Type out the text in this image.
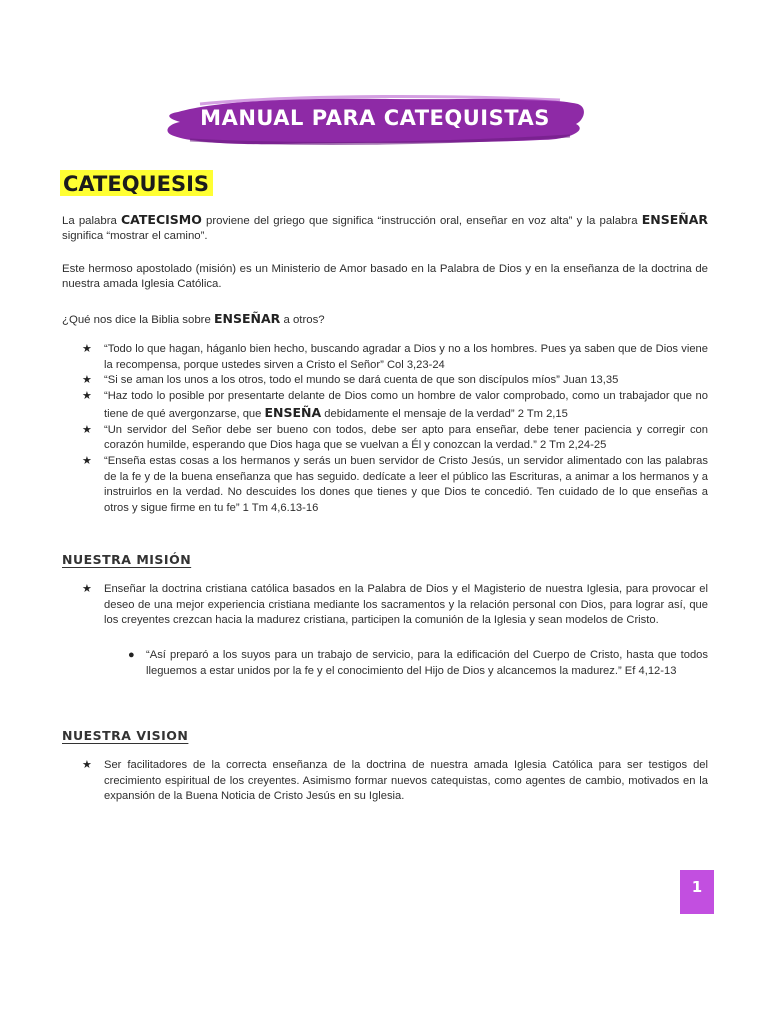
MANUAL PARA CATEQUISTAS
CATEQUESIS
La palabra CATECISMO proviene del griego que significa “instrucción oral, enseñar en voz alta” y la palabra ENSEÑAR significa “mostrar el camino”.
Este hermoso apostolado (misión) es un Ministerio de Amor basado en la Palabra de Dios y en la enseñanza de la doctrina de nuestra amada Iglesia Católica.
¿Qué nos dice la Biblia sobre ENSEÑAR a otros?
★ “Todo lo que hagan, háganlo bien hecho, buscando agradar a Dios y no a los hombres. Pues ya saben que de Dios viene la recompensa, porque ustedes sirven a Cristo el Señor” Col 3,23-24
★ “Si se aman los unos a los otros, todo el mundo se dará cuenta de que son discípulos míos” Juan 13,35
★ “Haz todo lo posible por presentarte delante de Dios como un hombre de valor comprobado, como un trabajador que no tiene de qué avergonzarse, que ENSEÑA debidamente el mensaje de la verdad” 2 Tm 2,15
★ “Un servidor del Señor debe ser bueno con todos, debe ser apto para enseñar, debe tener paciencia y corregir con corazón humilde, esperando que Dios haga que se vuelvan a Él y conozcan la verdad.” 2 Tm 2,24-25
★ “Enseña estas cosas a los hermanos y serás un buen servidor de Cristo Jesús, un servidor alimentado con las palabras de la fe y de la buena enseñanza que has seguido. dedícate a leer el público las Escrituras, a animar a los hermanos y a instruirlos en la verdad. No descuides los dones que tienes y que Dios te concedió. Ten cuidado de lo que enseñas a otros y sigue firme en tu fe” 1 Tm 4,6.13-16
NUESTRA MISIÓN
★ Enseñar la doctrina cristiana católica basados en la Palabra de Dios y el Magisterio de nuestra Iglesia, para provocar el deseo de una mejor experiencia cristiana mediante los sacramentos y la relación personal con Dios, para lograr así, que los creyentes crezcan hacia la madurez cristiana, participen la comunión de la Iglesia y sean modelos de Cristo.
● “Así preparó a los suyos para un trabajo de servicio, para la edificación del Cuerpo de Cristo, hasta que todos lleguemos a estar unidos por la fe y el conocimiento del Hijo de Dios y alcancemos la madurez.” Ef 4,12-13
NUESTRA VISION
★ Ser facilitadores de la correcta enseñanza de la doctrina de nuestra amada Iglesia Católica para ser testigos del crecimiento espiritual de los creyentes. Asimismo formar nuevos catequistas, como agentes de cambio, motivados en la expansión de la Buena Noticia de Cristo Jesús en su Iglesia.
1
